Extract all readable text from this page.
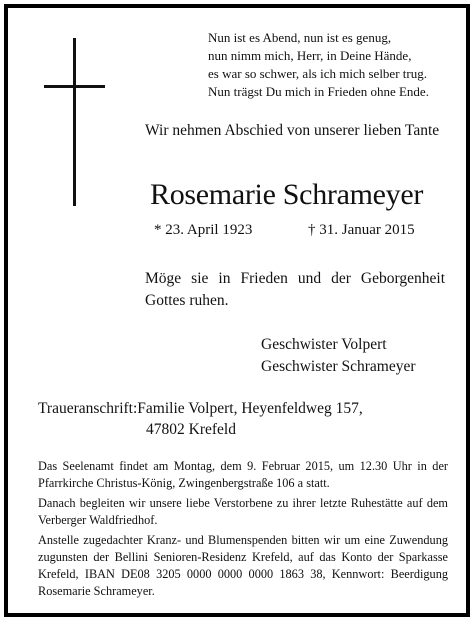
Nun ist es Abend, nun ist es genug,
nun nimm mich, Herr, in Deine Hände,
es war so schwer, als ich mich selber trug.
Nun trägst Du mich in Frieden ohne Ende.
Wir nehmen Abschied von unserer lieben Tante
Rosemarie Schrameyer
* 23. April 1923	† 31. Januar 2015
Möge sie in Frieden und der Geborgenheit Gottes ruhen.
Geschwister Volpert
Geschwister Schrameyer
Traueranschrift:Familie Volpert, Heyenfeldweg 157,
47802 Krefeld

Das Seelenamt findet am Montag, dem 9. Februar 2015, um 12.30 Uhr in der Pfarrkirche Christus-König, Zwingenbergstraße 106 a statt.

Danach begleiten wir unsere liebe Verstorbene zu ihrer letzte Ruhestätte auf dem Verberger Waldfriedhof.

Anstelle zugedachter Kranz- und Blumenspenden bitten wir um eine Zuwendung zugunsten der Bellini Senioren-Residenz Krefeld, auf das Konto der Sparkasse Krefeld, IBAN DE08 3205 0000 0000 0000 1863 38, Kennwort: Beerdigung Rosemarie Schrameyer.
